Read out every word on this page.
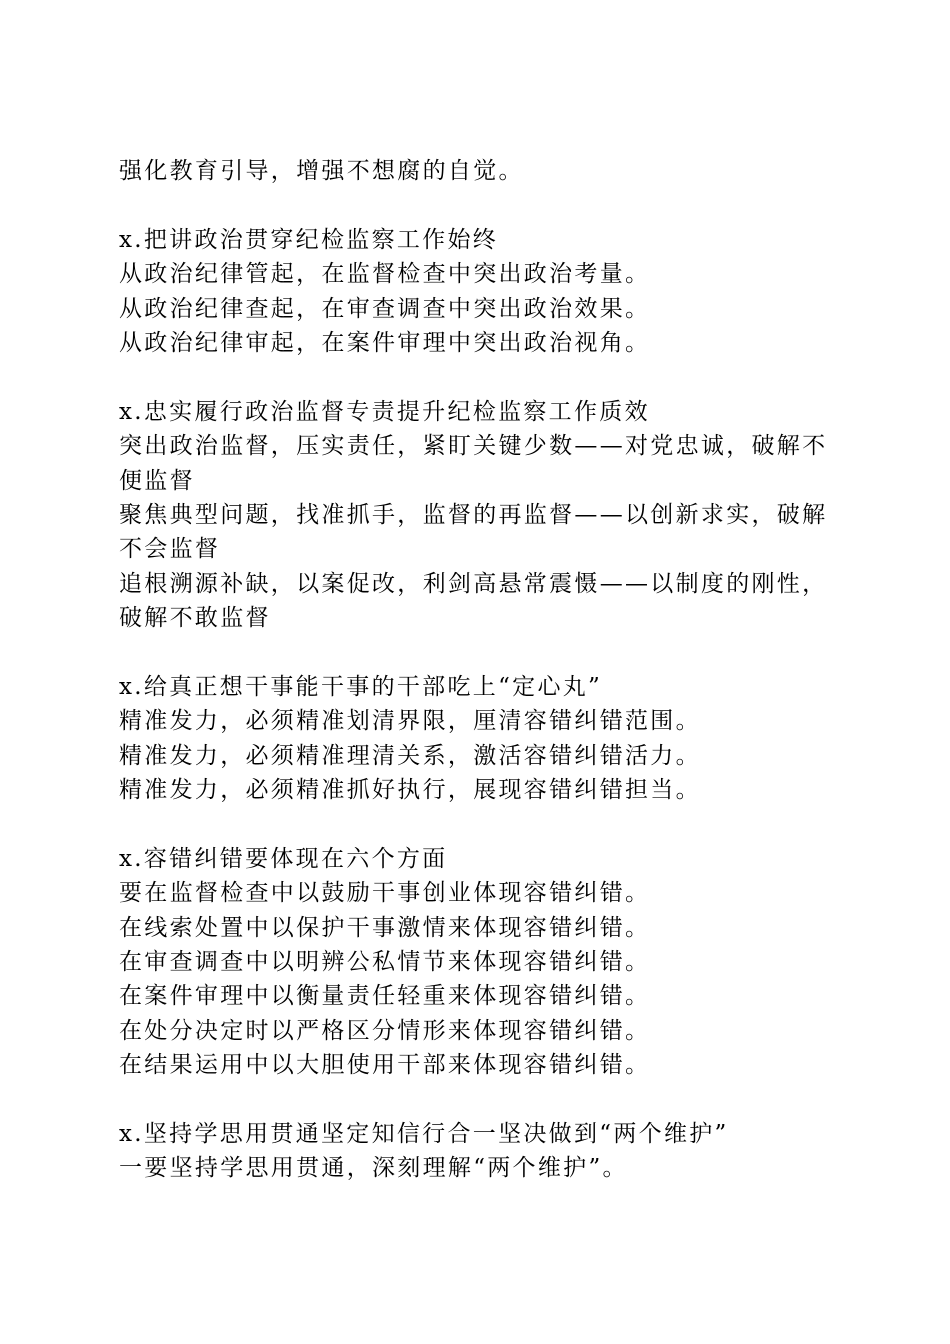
强化教育引导，增强不想腐的自觉。
x.把讲政治贯穿纪检监察工作始终
从政治纪律管起，在监督检查中突出政治考量。
从政治纪律查起，在审查调查中突出政治效果。
从政治纪律审起，在案件审理中突出政治视角。
x.忠实履行政治监督专责提升纪检监察工作质效
突出政治监督，压实责任，紧盯关键少数——对党忠诚，破解不
便监督
聚焦典型问题，找准抓手，监督的再监督——以创新求实，破解
不会监督
追根溯源补缺，以案促改，利剑高悬常震慑——以制度的刚性，
破解不敢监督
x.给真正想干事能干事的干部吃上“定心丸”
精准发力，必须精准划清界限，厘清容错纠错范围。
精准发力，必须精准理清关系，激活容错纠错活力。
精准发力，必须精准抓好执行，展现容错纠错担当。
x.容错纠错要体现在六个方面
要在监督检查中以鼓励干事创业体现容错纠错。
在线索处置中以保护干事激情来体现容错纠错。
在审查调查中以明辨公私情节来体现容错纠错。
在案件审理中以衡量责任轻重来体现容错纠错。
在处分决定时以严格区分情形来体现容错纠错。
在结果运用中以大胆使用干部来体现容错纠错。
x.坚持学思用贯通坚定知信行合一坚决做到“两个维护”
一要坚持学思用贯通，深刻理解“两个维护”。
